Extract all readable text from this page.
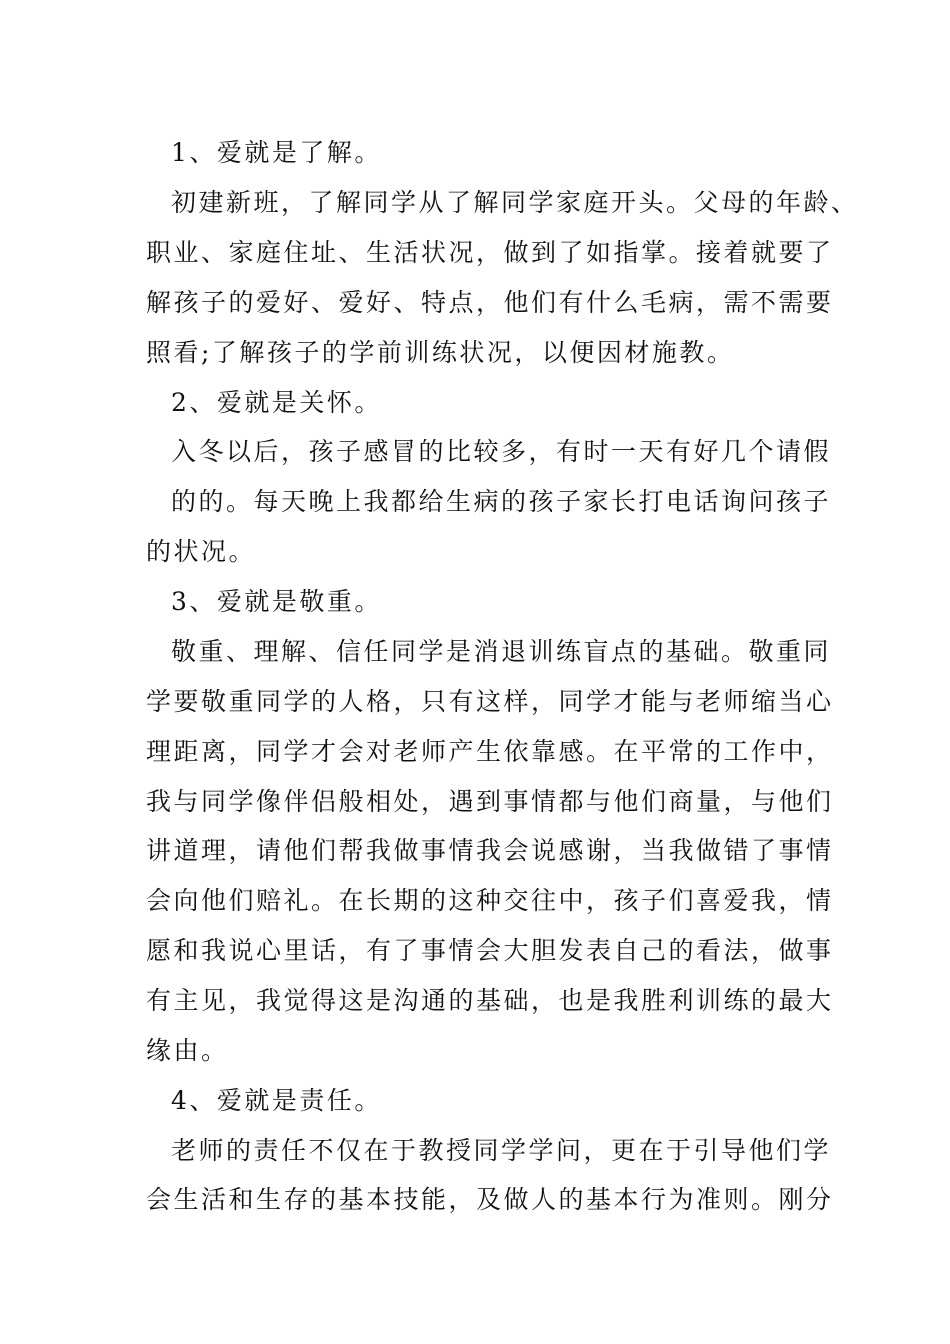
1、爱就是了解。
初建新班，了解同学从了解同学家庭开头。父母的年龄、
职业、家庭住址、生活状况，做到了如指掌。接着就要了
解孩子的爱好、爱好、特点，他们有什么毛病，需不需要
照看;了解孩子的学前训练状况，以便因材施教。
2、爱就是关怀。
入冬以后，孩子感冒的比较多，有时一天有好几个请假
的的。每天晚上我都给生病的孩子家长打电话询问孩子
的状况。
3、爱就是敬重。
敬重、理解、信任同学是消退训练盲点的基础。敬重同
学要敬重同学的人格，只有这样，同学才能与老师缩当心
理距离，同学才会对老师产生依靠感。在平常的工作中，
我与同学像伴侣般相处，遇到事情都与他们商量，与他们
讲道理，请他们帮我做事情我会说感谢，当我做错了事情
会向他们赔礼。在长期的这种交往中，孩子们喜爱我，情
愿和我说心里话，有了事情会大胆发表自己的看法，做事
有主见，我觉得这是沟通的基础，也是我胜利训练的最大
缘由。
4、爱就是责任。
老师的责任不仅在于教授同学学问，更在于引导他们学
会生活和生存的基本技能，及做人的基本行为准则。刚分
